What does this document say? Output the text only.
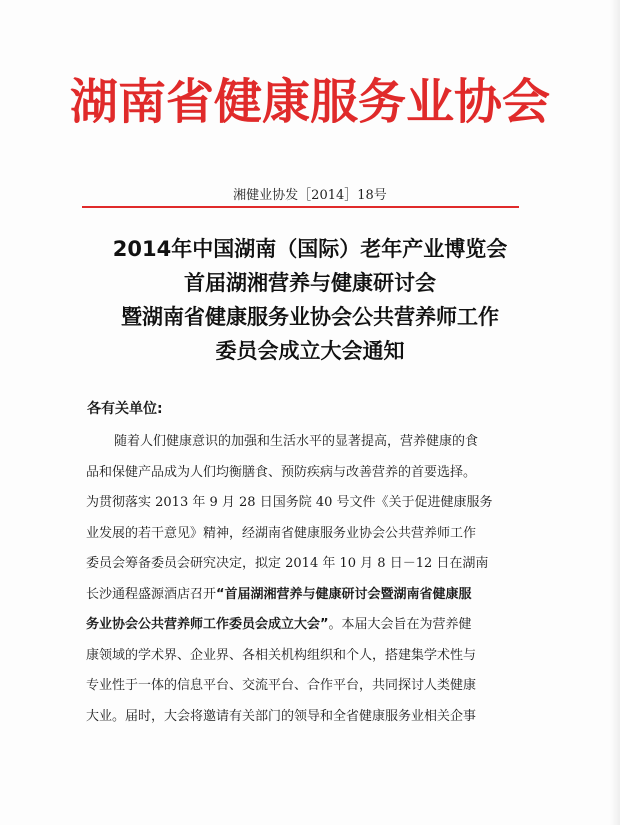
湖南省健康服务业协会
湘健业协发［2014］18号
2014年中国湖南（国际）老年产业博览会
首届湖湘营养与健康研讨会
暨湖南省健康服务业协会公共营养师工作
委员会成立大会通知
各有关单位:
随着人们健康意识的加强和生活水平的显著提高，营养健康的食
品和保健产品成为人们均衡膳食、预防疾病与改善营养的首要选择。
为贯彻落实 2013 年 9 月 28 日国务院 40 号文件《关于促进健康服务
业发展的若干意见》精神，经湖南省健康服务业协会公共营养师工作
委员会筹备委员会研究决定，拟定 2014 年 10 月 8 日－12 日在湖南
长沙通程盛源酒店召开“首届湖湘营养与健康研讨会暨湖南省健康服
务业协会公共营养师工作委员会成立大会”。本届大会旨在为营养健
康领域的学术界、企业界、各相关机构组织和个人，搭建集学术性与
专业性于一体的信息平台、交流平台、合作平台，共同探讨人类健康
大业。届时，大会将邀请有关部门的领导和全省健康服务业相关企事
